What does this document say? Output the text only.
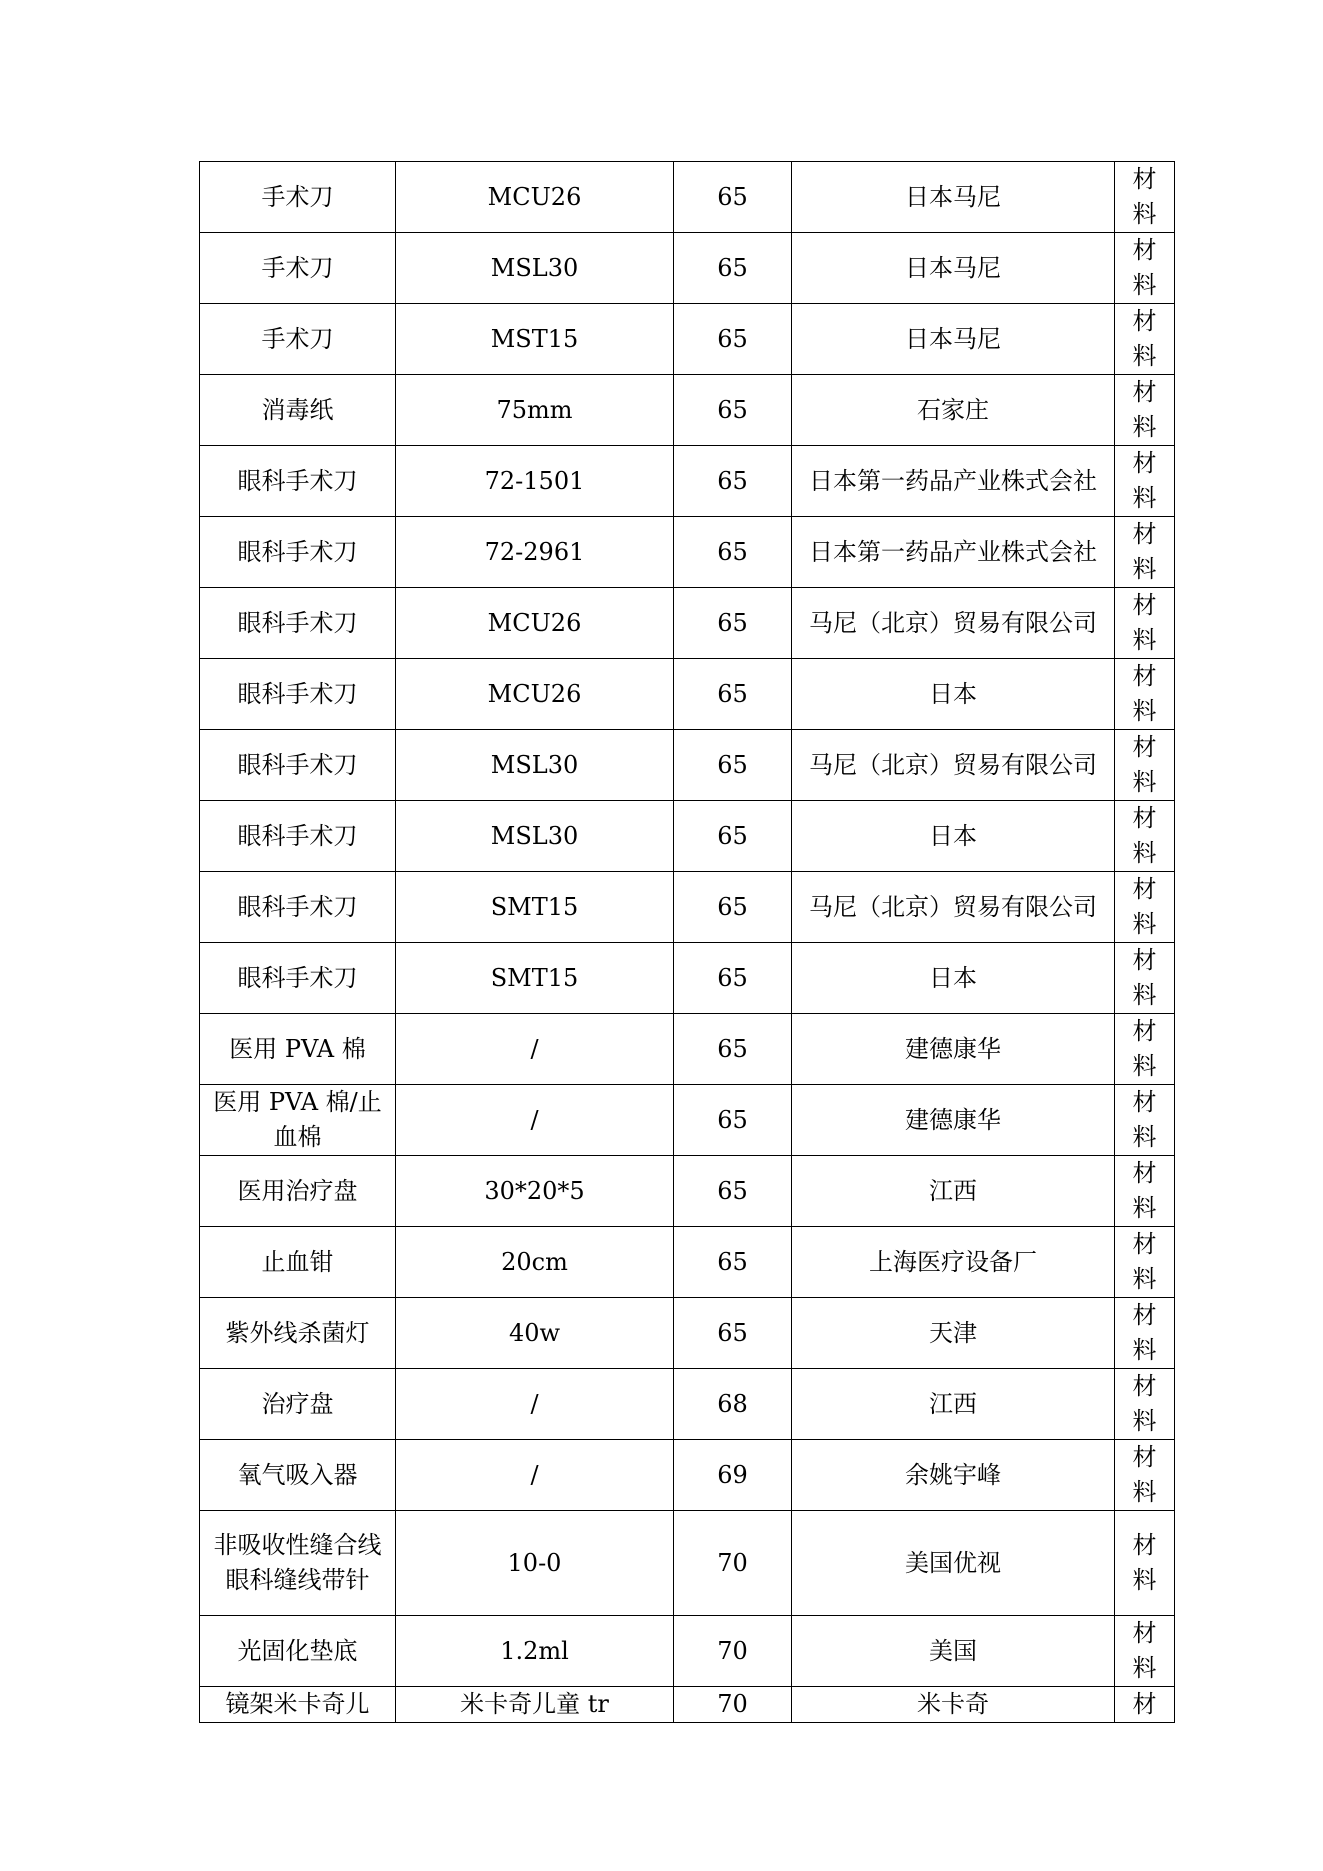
手术刀	MCU26	65	日本马尼	材料

手术刀	MSL30	65	日本马尼	材料

手术刀	MST15	65	日本马尼	材料

消毒纸	75mm	65	石家庄	材料

眼科手术刀	72-1501	65	日本第一药品产业株式会社	材料

眼科手术刀	72-2961	65	日本第一药品产业株式会社	材料

眼科手术刀	MCU26	65	马尼（北京）贸易有限公司	材料

眼科手术刀	MCU26	65	日本	材料

眼科手术刀	MSL30	65	马尼（北京）贸易有限公司	材料

眼科手术刀	MSL30	65	日本	材料

眼科手术刀	SMT15	65	马尼（北京）贸易有限公司	材料

眼科手术刀	SMT15	65	日本	材料

医用 PVA 棉	/	65	建德康华	材料

医用 PVA 棉/止血棉	/	65	建德康华	材料

医用治疗盘	30*20*5	65	江西	材料

止血钳	20cm	65	上海医疗设备厂	材料

紫外线杀菌灯	40w	65	天津	材料

治疗盘	/	68	江西	材料

氧气吸入器	/	69	余姚宇峰	材料

非吸收性缝合线眼科缝线带针	10-0	70	美国优视	材料

光固化垫底	1.2ml	70	美国	材料

镜架米卡奇儿	米卡奇儿童 tr	70	米卡奇	材
